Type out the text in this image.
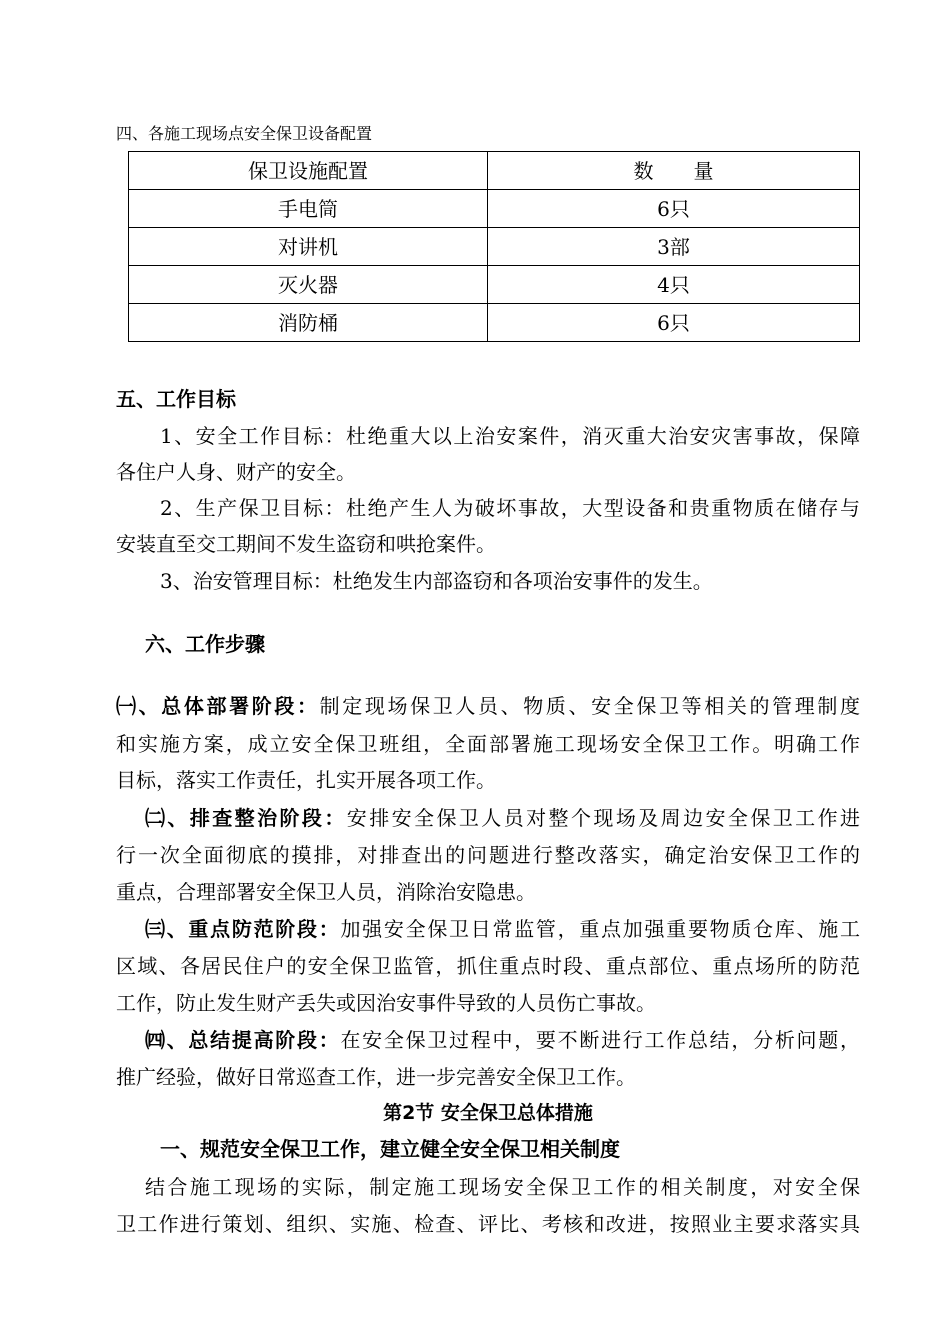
四、各施工现场点安全保卫设备配置
保卫设施配置	数　　量
手电筒	6只
对讲机	3部
灭火器	4只
消防桶	6只
五、工作目标
1、安全工作目标：杜绝重大以上治安案件，消灭重大治安灾害事故，保障
各住户人身、财产的安全。
2、生产保卫目标：杜绝产生人为破坏事故，大型设备和贵重物质在储存与
安装直至交工期间不发生盗窃和哄抢案件。
3、治安管理目标：杜绝发生内部盗窃和各项治安事件的发生。
六、工作步骤
㈠、总体部署阶段：制定现场保卫人员、物质、安全保卫等相关的管理制度
和实施方案，成立安全保卫班组，全面部署施工现场安全保卫工作。明确工作
目标，落实工作责任，扎实开展各项工作。
㈡、排查整治阶段：安排安全保卫人员对整个现场及周边安全保卫工作进
行一次全面彻底的摸排，对排查出的问题进行整改落实，确定治安保卫工作的
重点，合理部署安全保卫人员，消除治安隐患。
㈢、重点防范阶段：加强安全保卫日常监管，重点加强重要物质仓库、施工
区域、各居民住户的安全保卫监管，抓住重点时段、重点部位、重点场所的防范
工作，防止发生财产丢失或因治安事件导致的人员伤亡事故。
㈣、总结提高阶段：在安全保卫过程中，要不断进行工作总结，分析问题，
推广经验，做好日常巡查工作，进一步完善安全保卫工作。
第2节 安全保卫总体措施
一、规范安全保卫工作，建立健全安全保卫相关制度
结合施工现场的实际，制定施工现场安全保卫工作的相关制度，对安全保
卫工作进行策划、组织、实施、检查、评比、考核和改进，按照业主要求落实具
